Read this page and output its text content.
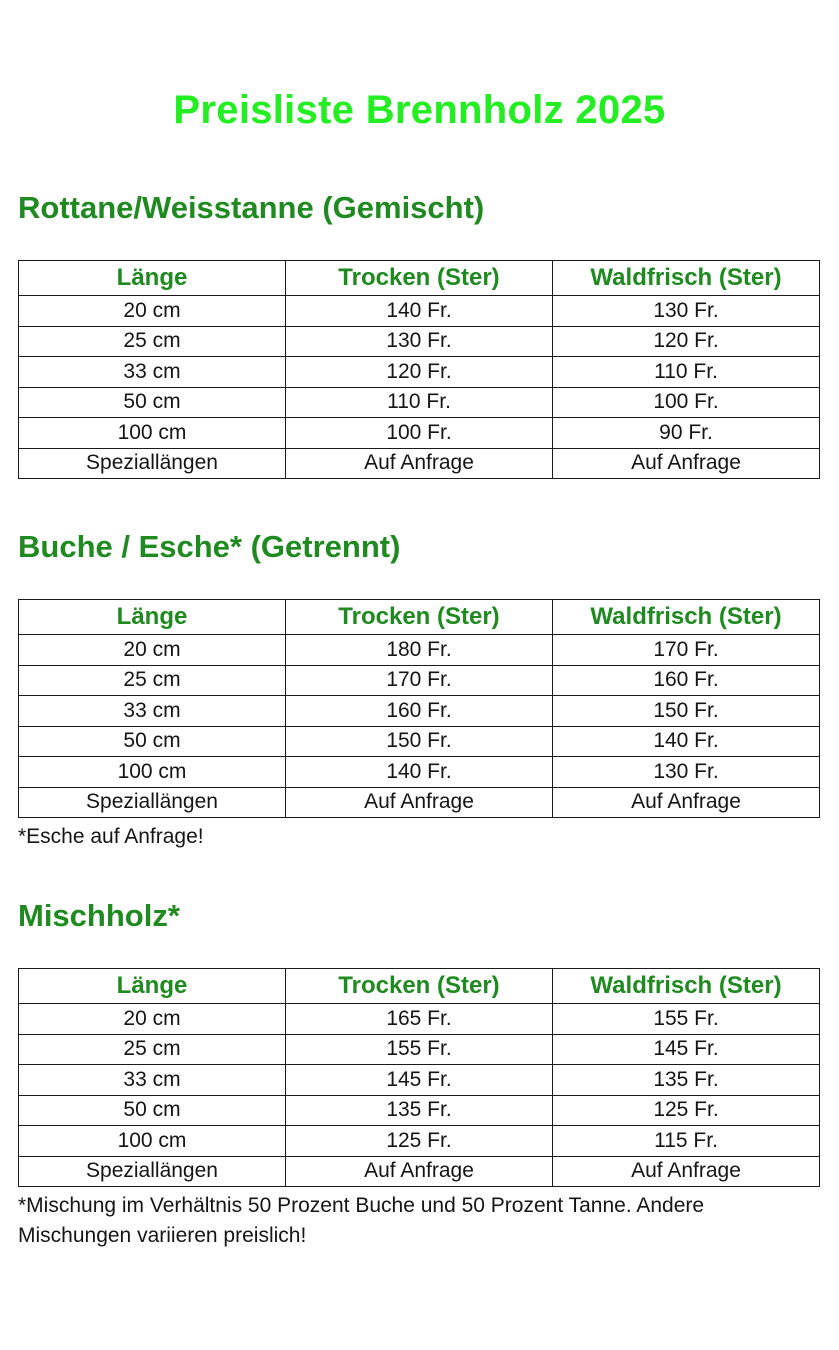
Preisliste Brennholz 2025
Rottane/Weisstanne (Gemischt)
Länge	Trocken (Ster)	Waldfrisch (Ster)
20 cm	140 Fr.	130 Fr.
25 cm	130 Fr.	120 Fr.
33 cm	120 Fr.	110 Fr.
50 cm	110 Fr.	100 Fr.
100 cm	100 Fr.	90 Fr.
Speziallängen	Auf Anfrage	Auf Anfrage
Buche / Esche* (Getrennt)
Länge	Trocken (Ster)	Waldfrisch (Ster)
20 cm	180 Fr.	170 Fr.
25 cm	170 Fr.	160 Fr.
33 cm	160 Fr.	150 Fr.
50 cm	150 Fr.	140 Fr.
100 cm	140 Fr.	130 Fr.
Speziallängen	Auf Anfrage	Auf Anfrage
*Esche auf Anfrage!
Mischholz*
Länge	Trocken (Ster)	Waldfrisch (Ster)
20 cm	165 Fr.	155 Fr.
25 cm	155 Fr.	145 Fr.
33 cm	145 Fr.	135 Fr.
50 cm	135 Fr.	125 Fr.
100 cm	125 Fr.	115 Fr.
Speziallängen	Auf Anfrage	Auf Anfrage
*Mischung im Verhältnis 50 Prozent Buche und 50 Prozent Tanne. Andere Mischungen variieren preislich!
